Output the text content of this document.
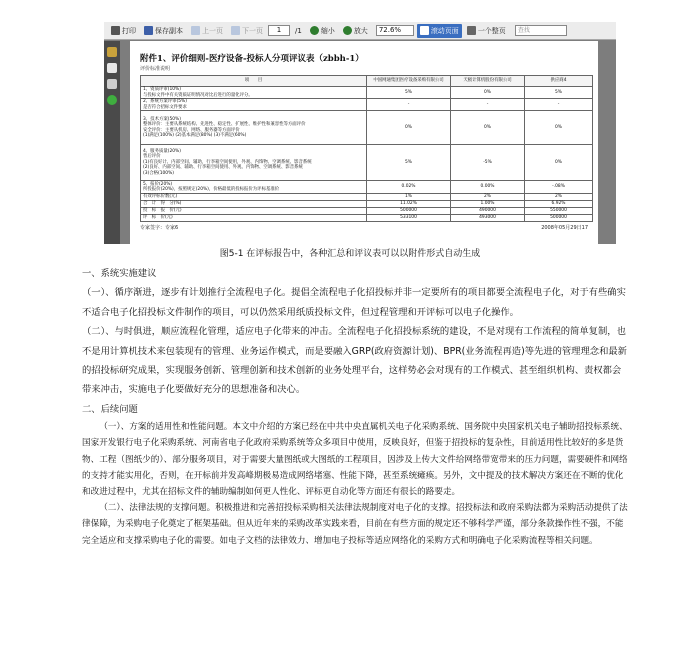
打印	保存副本	上一页	下一页	1	/1	缩小	放大	72.6%	滚动页面	一个整页	查找
附件1、评价细则-医疗设备-投标人分项评议表（zbbh-1）
评价标准说明
项　　目	中国网通集团医疗设备采购有限公司	天极计算机股份有限公司	供应商4
1、资质评审(10%)
与投标文件中有关资质证明情况对比后进行的量化评分。	5%	0%	5%
2、系统方案评审(5%)
是否符合招标文件要求	-	-	-
3、技术方案(50%)
整体评价：主要从系统结构、先进性、稳定性、扩展性、维护性和兼容性等方面评价
安全评价：主要从机房、网络、服务器等方面评价
(1)满足(100%) (2)基本满足(80%) (3)不满足(60%)	0%	0%	0%
4、服务质量(20%)
售后评价
(1)有良好计、内部空间、辅助，行李箱空间使用，外观、内饰物、空调系统、影音系统
(2)良好、内部空间、辅助、行李箱空间使用、外观、内饰物、空调系统、影音系统
(3)合格(100%)	5%	-5%	0%
5、报价(20%)
所投报价(20%)，按照规定(20%)，价格最低的投标报价为评标基准价	0.02%	0.00%	-.08%
有效评标价数(元)	1%	2%	2%
合　计　得　分(%)	11.02%	1.00%	6.92%
投　标　报　价(元)	500000	490000	550000
评　标　价(元)	533100	493000	500000
专家签字：专家6	2008年05月29日17
图5-1 在评标报告中，各种汇总和评议表可以以附件形式自动生成

一、系统实施建议

（一）、循序渐进，逐步有计划推行全流程电子化。提倡全流程电子化招投标并非一定要所有的项目都要全流程电子化，对于有些确实不适合电子化招投标文件制作的项目，可以仍然采用纸质投标文件，但过程管理和开评标可以电子化操作。

（二）、与时俱进，顺应流程化管理，适应电子化带来的冲击。全流程电子化招投标系统的建设，不是对现有工作流程的简单复制，也不是用计算机技术来包装现有的管理、业务运作模式，而是要融入GRP(政府资源计划)、BPR(业务流程再造)等先进的管理理念和最新的招投标研究成果，实现服务创新、管理创新和技术创新的业务处理平台，这样势必会对现有的工作模式、甚至组织机构、责权都会带来冲击，实施电子化要做好充分的思想准备和决心。

二、后续问题

（一）、方案的适用性和性能问题。本文中介绍的方案已经在中共中央直属机关电子化采购系统、国务院中央国家机关电子辅助招投标系统、国家开发银行电子化采购系统、河南省电子化政府采购系统等众多项目中使用，反映良好，但鉴于招投标的复杂性，目前适用性比较好的多是货物、工程（图纸少的）、部分服务项目，对于需要大量图纸或大图纸的工程项目，因涉及上传大文件给网络带宽带来的压力问题，需要硬件和网络的支持才能实用化，否则，在开标前并发高峰期极易造成网络堵塞、性能下降，甚至系统瘫痪。另外，文中提及的技术解决方案还在不断的优化和改进过程中，尤其在招标文件的辅助编制如何更人性化、评标更自动化等方面还有很长的路要走。

（二）、法律法规的支撑问题。积极推进和完善招投标采购相关法律法规制度对电子化的支撑。招投标法和政府采购法都为采购活动提供了法律保障，为采购电子化奠定了框架基础。但从近年来的采购改革实践来看，目前在有些方面的规定还不够科学严谨，部分条款操作性不强，不能完全适应和支撑采购电子化的需要。如电子文档的法律效力、增加电子投标等适应网络化的采购方式和明确电子化采购流程等相关问题。
